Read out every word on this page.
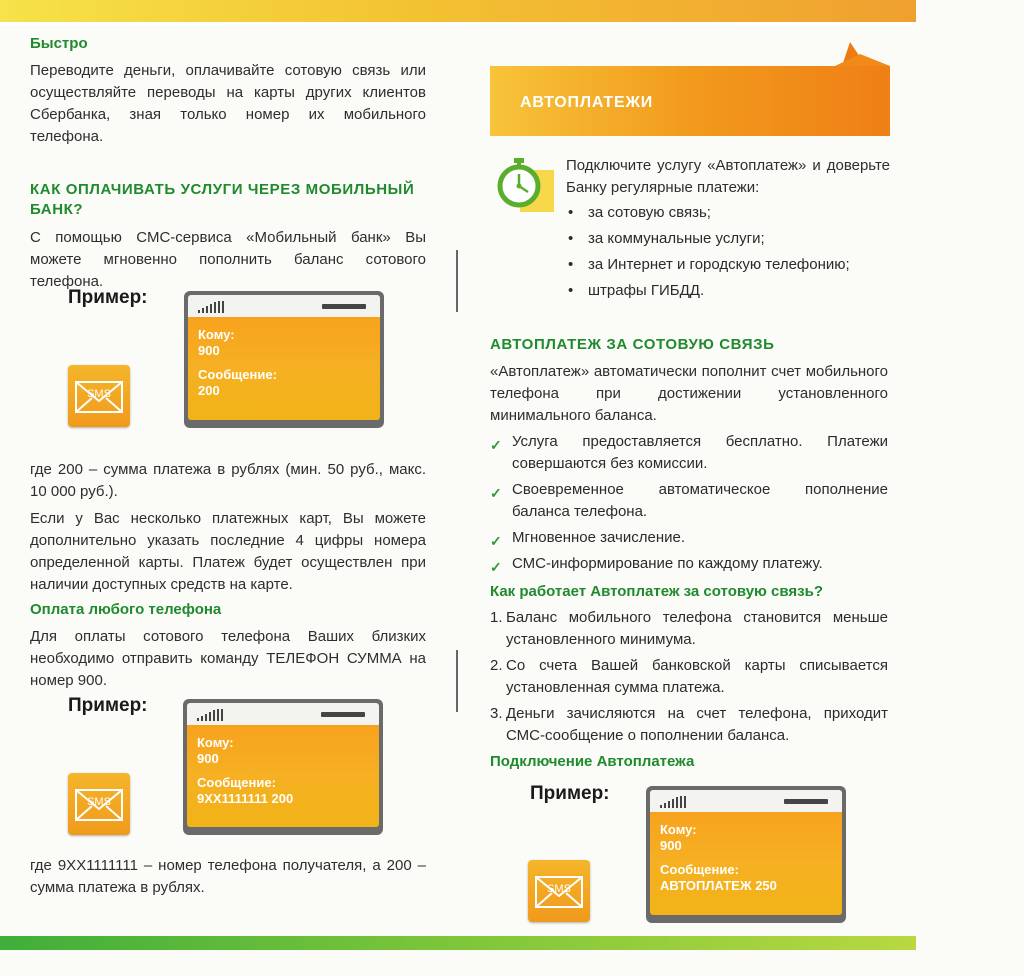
Быстро
Переводите деньги, оплачивайте сотовую связь или осуществляйте переводы на карты других клиентов Сбербанка, зная только номер их мобильного телефона.
КАК ОПЛАЧИВАТЬ УСЛУГИ ЧЕРЕЗ МОБИЛЬНЫЙ БАНК?
С помощью СМС-сервиса «Мобильный банк» Вы можете мгновенно пополнить баланс сотового телефона.
Пример:
Кому:
900
Сообщение:
200
SMS
где 200 – сумма платежа в рублях (мин. 50 руб., макс. 10 000 руб.).
Если у Вас несколько платежных карт, Вы можете дополнительно указать последние 4 цифры номера определенной карты. Платеж будет осуществлен при наличии доступных средств на карте.
Оплата любого телефона
Для оплаты сотового телефона Ваших близких необходимо отправить команду ТЕЛЕФОН СУММА на номер 900.
Пример:
Кому:
900
Сообщение:
9XX1111111 200
SMS
где 9XX1111111 – номер телефона получателя, а 200 – сумма платежа в рублях.
АВТОПЛАТЕЖИ
Подключите услугу «Автоплатеж» и доверьте Банку регулярные платежи:
• за сотовую связь;
• за коммунальные услуги;
• за Интернет и городскую телефонию;
• штрафы ГИБДД.
АВТОПЛАТЕЖ ЗА СОТОВУЮ СВЯЗЬ
«Автоплатеж» автоматически пополнит счет мобильного телефона при достижении установленного минимального баланса.
✓ Услуга предоставляется бесплатно. Платежи совершаются без комиссии.
✓ Своевременное автоматическое пополнение баланса телефона.
✓ Мгновенное зачисление.
✓ СМС-информирование по каждому платежу.
Как работает Автоплатеж за сотовую связь?
1. Баланс мобильного телефона становится меньше установленного минимума.
2. Со счета Вашей банковской карты списывается установленная сумма платежа.
3. Деньги зачисляются на счет телефона, приходит СМС-сообщение о пополнении баланса.
Подключение Автоплатежа
Пример:
Кому:
900
Сообщение:
АВТОПЛАТЕЖ 250
SMS
